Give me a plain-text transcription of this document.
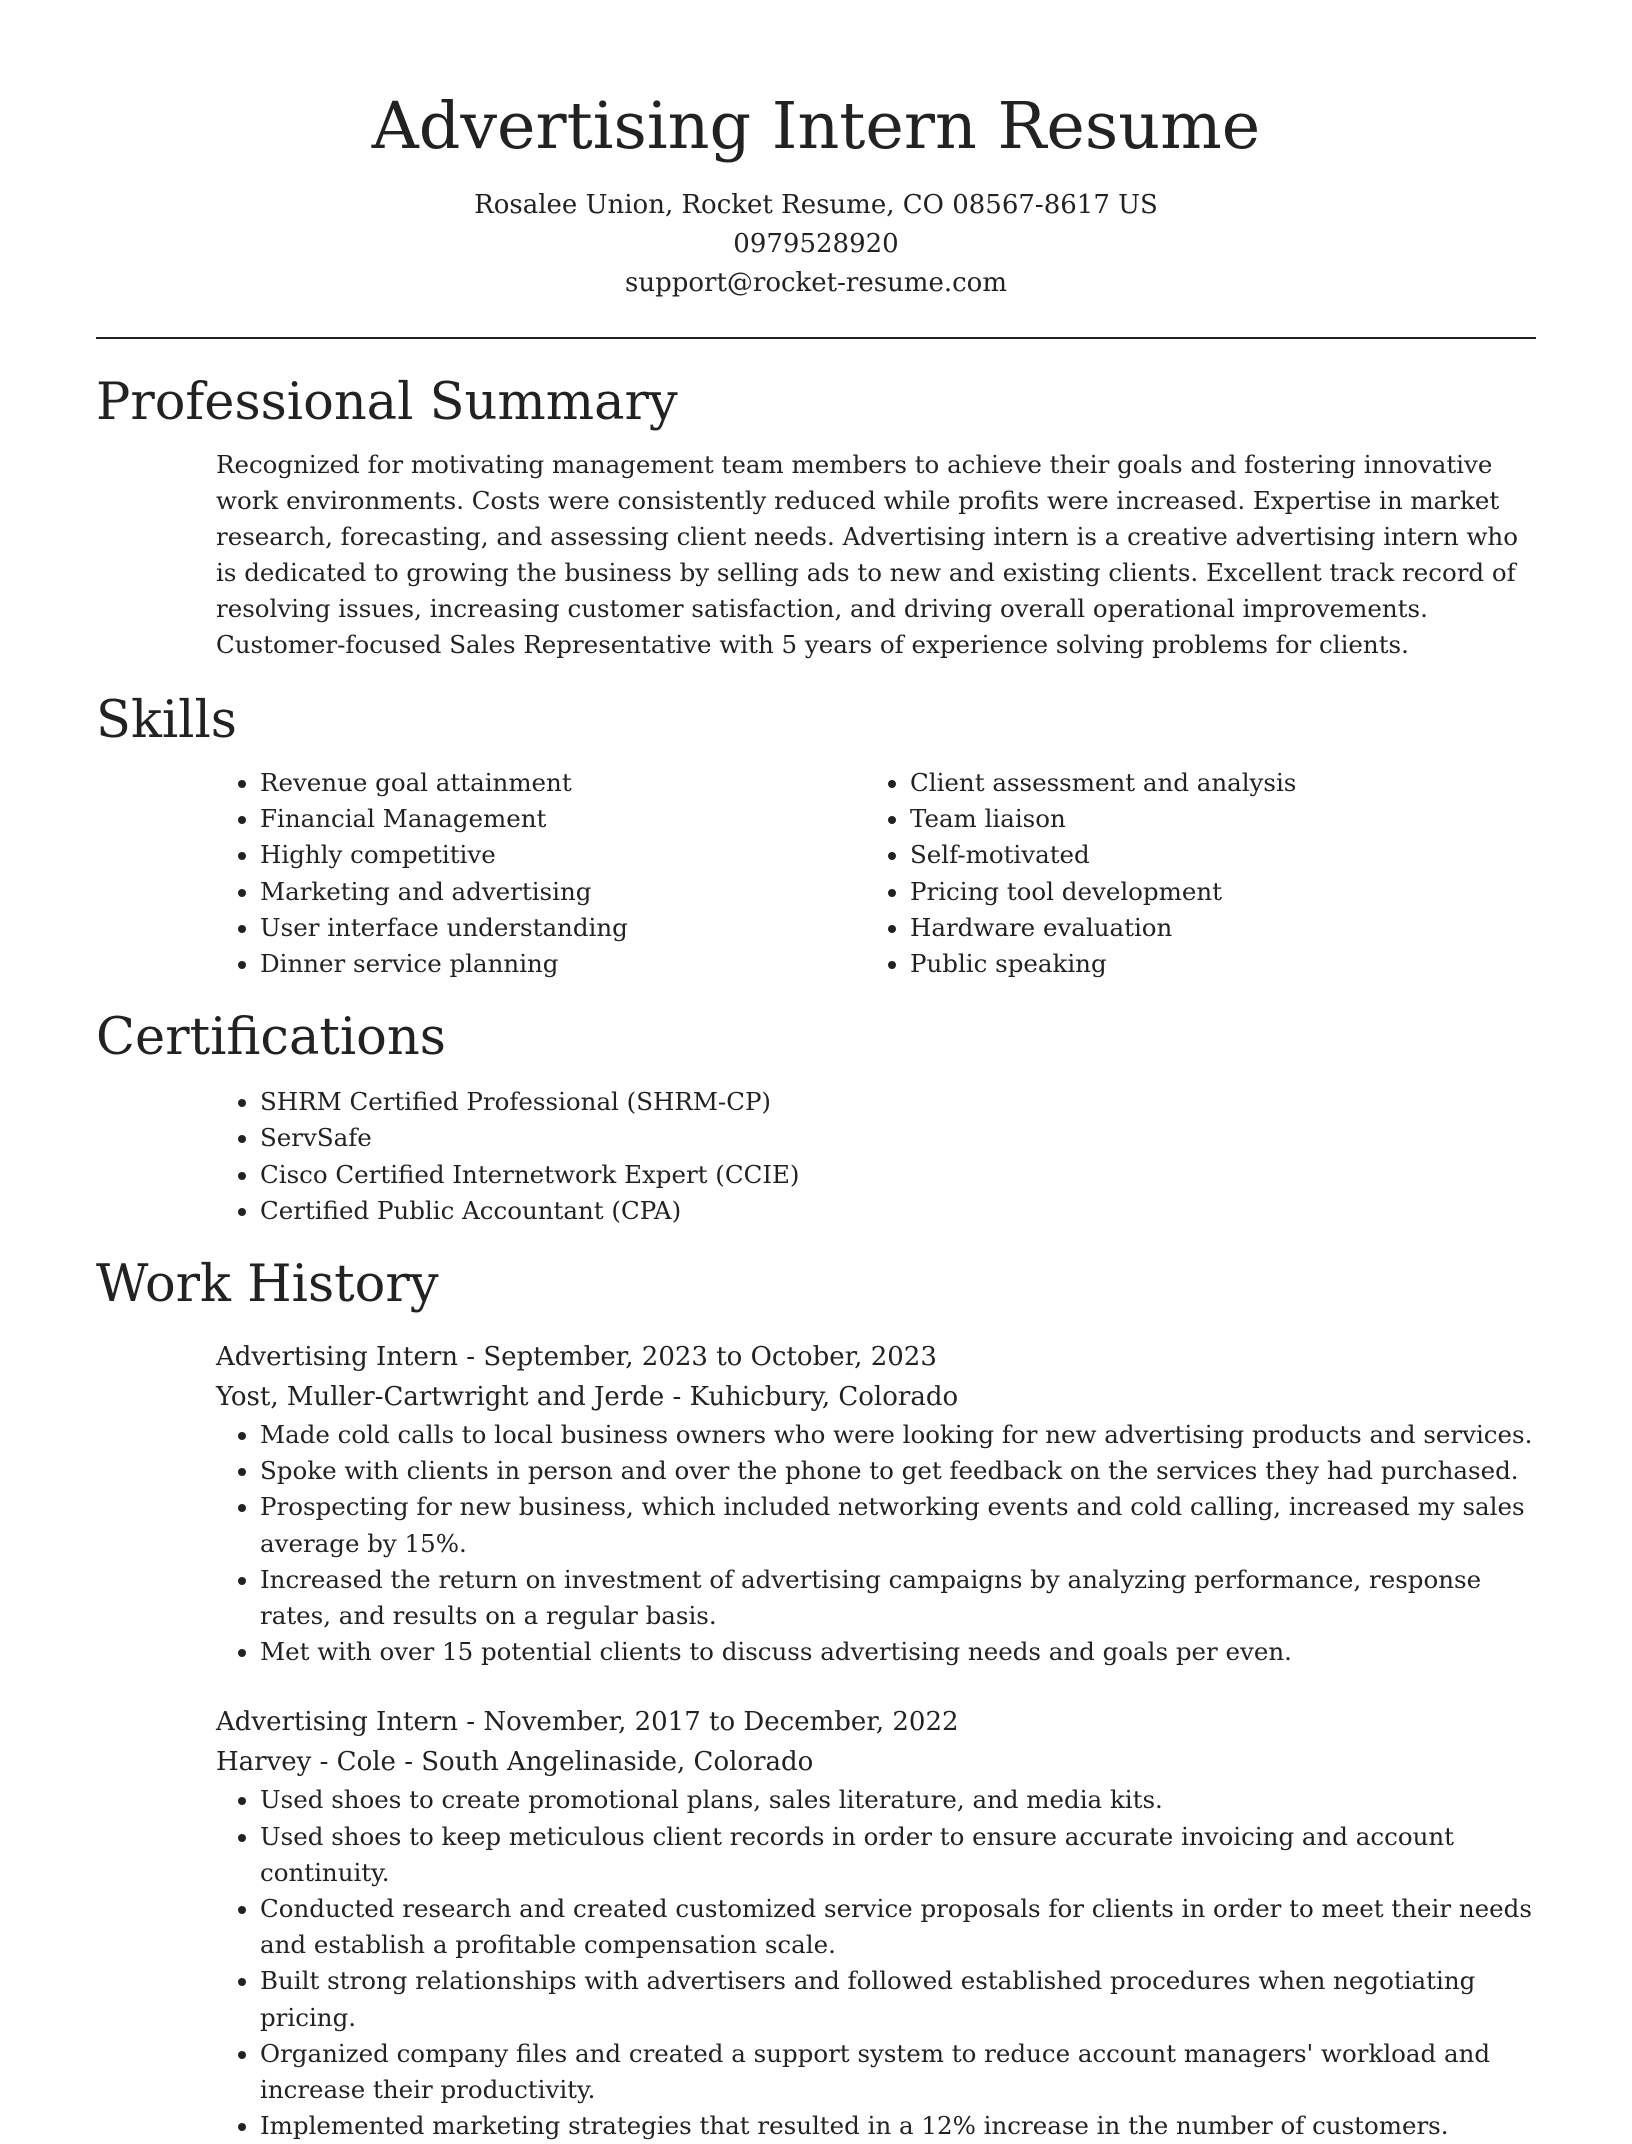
Advertising Intern Resume

Rosalee Union, Rocket Resume, CO 08567-8617 US

0979528920

support@rocket-resume.com

Professional Summary

Recognized for motivating management team members to achieve their goals and fostering innovative work environments. Costs were consistently reduced while profits were increased. Expertise in market research, forecasting, and assessing client needs. Advertising intern is a creative advertising intern who is dedicated to growing the business by selling ads to new and existing clients. Excellent track record of resolving issues, increasing customer satisfaction, and driving overall operational improvements. Customer-focused Sales Representative with 5 years of experience solving problems for clients.

Skills
• Revenue goal attainment
• Financial Management
• Highly competitive
• Marketing and advertising
• User interface understanding
• Dinner service planning
• Client assessment and analysis
• Team liaison
• Self-motivated
• Pricing tool development
• Hardware evaluation
• Public speaking
Certifications
• SHRM Certified Professional (SHRM-CP)
• ServSafe
• Cisco Certified Internetwork Expert (CCIE)
• Certified Public Accountant (CPA)
Work History

Advertising Intern - September, 2023 to October, 2023

Yost, Muller-Cartwright and Jerde - Kuhicbury, Colorado

• Made cold calls to local business owners who were looking for new advertising products and services.
• Spoke with clients in person and over the phone to get feedback on the services they had purchased.
• Prospecting for new business, which included networking events and cold calling, increased my sales average by 15%.
• Increased the return on investment of advertising campaigns by analyzing performance, response rates, and results on a regular basis.
• Met with over 15 potential clients to discuss advertising needs and goals per even.

Advertising Intern - November, 2017 to December, 2022

Harvey - Cole - South Angelinaside, Colorado

• Used shoes to create promotional plans, sales literature, and media kits.
• Used shoes to keep meticulous client records in order to ensure accurate invoicing and account continuity.
• Conducted research and created customized service proposals for clients in order to meet their needs and establish a profitable compensation scale.
• Built strong relationships with advertisers and followed established procedures when negotiating pricing.
• Organized company files and created a support system to reduce account managers' workload and increase their productivity.
• Implemented marketing strategies that resulted in a 12% increase in the number of customers.
